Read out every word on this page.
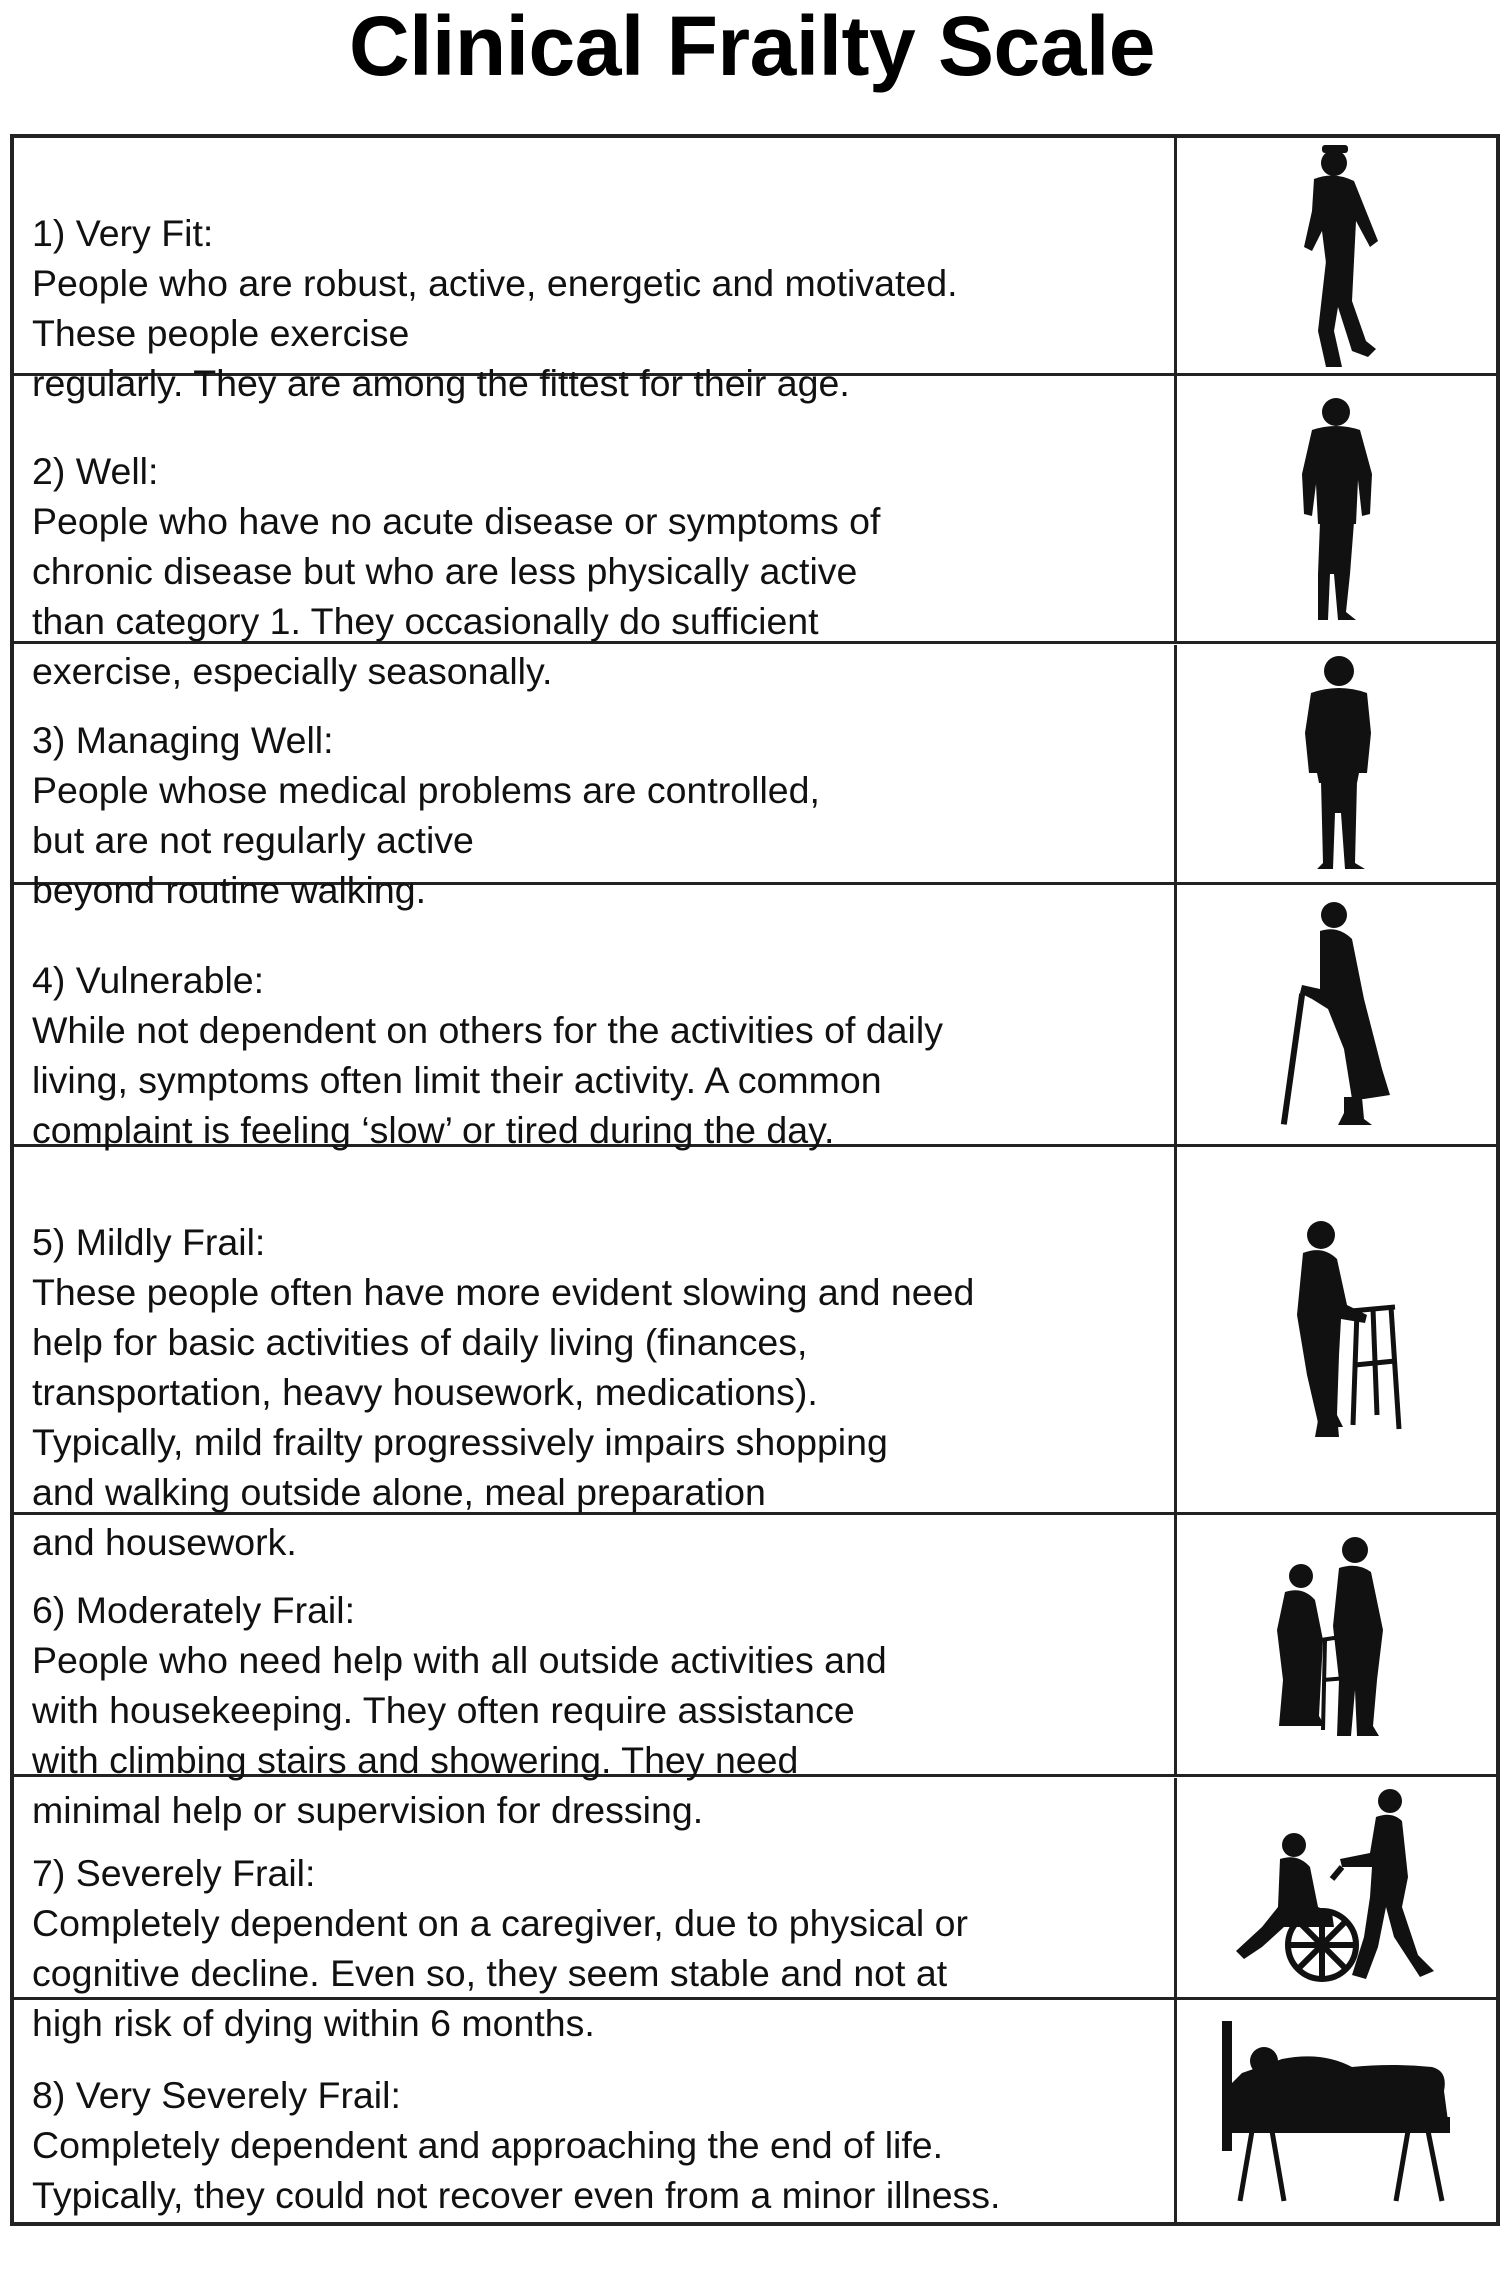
Clinical Frailty Scale

1) Very Fit:
People who are robust, active, energetic and motivated.
These people exercise
regularly. They are among the fittest for their age.

2) Well:
People who have no acute disease or symptoms of
chronic disease but who are less physically active
than category 1. They occasionally do sufficient
exercise, especially seasonally.

3) Managing Well:
People whose medical problems are controlled,
but are not regularly active
beyond routine walking.

4) Vulnerable:
While not dependent on others for the activities of daily
living, symptoms often limit their activity. A common
complaint is feeling ‘slow’ or tired during the day.

5) Mildly Frail:
These people often have more evident slowing and need
help for basic activities of daily living (finances,
transportation, heavy housework, medications).
Typically, mild frailty progressively impairs shopping
and walking outside alone, meal preparation
and housework.

6) Moderately Frail:
People who need help with all outside activities and
with housekeeping. They often require assistance
with climbing stairs and showering. They need
minimal help or supervision for dressing.

7) Severely Frail:
Completely dependent on a caregiver, due to physical or
cognitive decline. Even so, they seem stable and not at
high risk of dying within 6 months.

8) Very Severely Frail:
Completely dependent and approaching the end of life.
Typically, they could not recover even from a minor illness.
